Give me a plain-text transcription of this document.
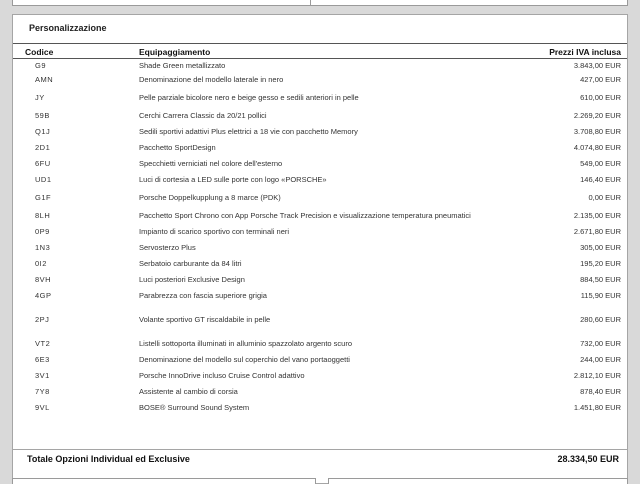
Personalizzazione
Codice	Equipaggiamento	Prezzi IVA inclusa
G9	Shade Green metallizzato	3.843,00 EUR
AMN	Denominazione del modello laterale in nero	427,00 EUR
JY	Pelle parziale bicolore nero e beige gesso e sedili anteriori in pelle	610,00 EUR
59B	Cerchi Carrera Classic da 20/21 pollici	2.269,20 EUR
Q1J	Sedili sportivi adattivi Plus elettrici a 18 vie con pacchetto Memory	3.708,80 EUR
2D1	Pacchetto SportDesign	4.074,80 EUR
6FU	Specchietti verniciati nel colore dell'esterno	549,00 EUR
UD1	Luci di cortesia a LED sulle porte con logo «PORSCHE»	146,40 EUR
G1F	Porsche Doppelkupplung a 8 marce (PDK)	0,00 EUR
8LH	Pacchetto Sport Chrono con App Porsche Track Precision e visualizzazione temperatura pneumatici	2.135,00 EUR
0P9	Impianto di scarico sportivo con terminali neri	2.671,80 EUR
1N3	Servosterzo Plus	305,00 EUR
0I2	Serbatoio carburante da 84 litri	195,20 EUR
8VH	Luci posteriori Exclusive Design	884,50 EUR
4GP	Parabrezza con fascia superiore grigia	115,90 EUR
2PJ	Volante sportivo GT riscaldabile in pelle	280,60 EUR
VT2	Listelli sottoporta illuminati in alluminio spazzolato argento scuro	732,00 EUR
6E3	Denominazione del modello sul coperchio del vano portaoggetti	244,00 EUR
3V1	Porsche InnoDrive incluso Cruise Control adattivo	2.812,10 EUR
7Y8	Assistente al cambio di corsia	878,40 EUR
9VL	BOSE® Surround Sound System	1.451,80 EUR
Totale Opzioni Individual ed Exclusive	28.334,50 EUR
